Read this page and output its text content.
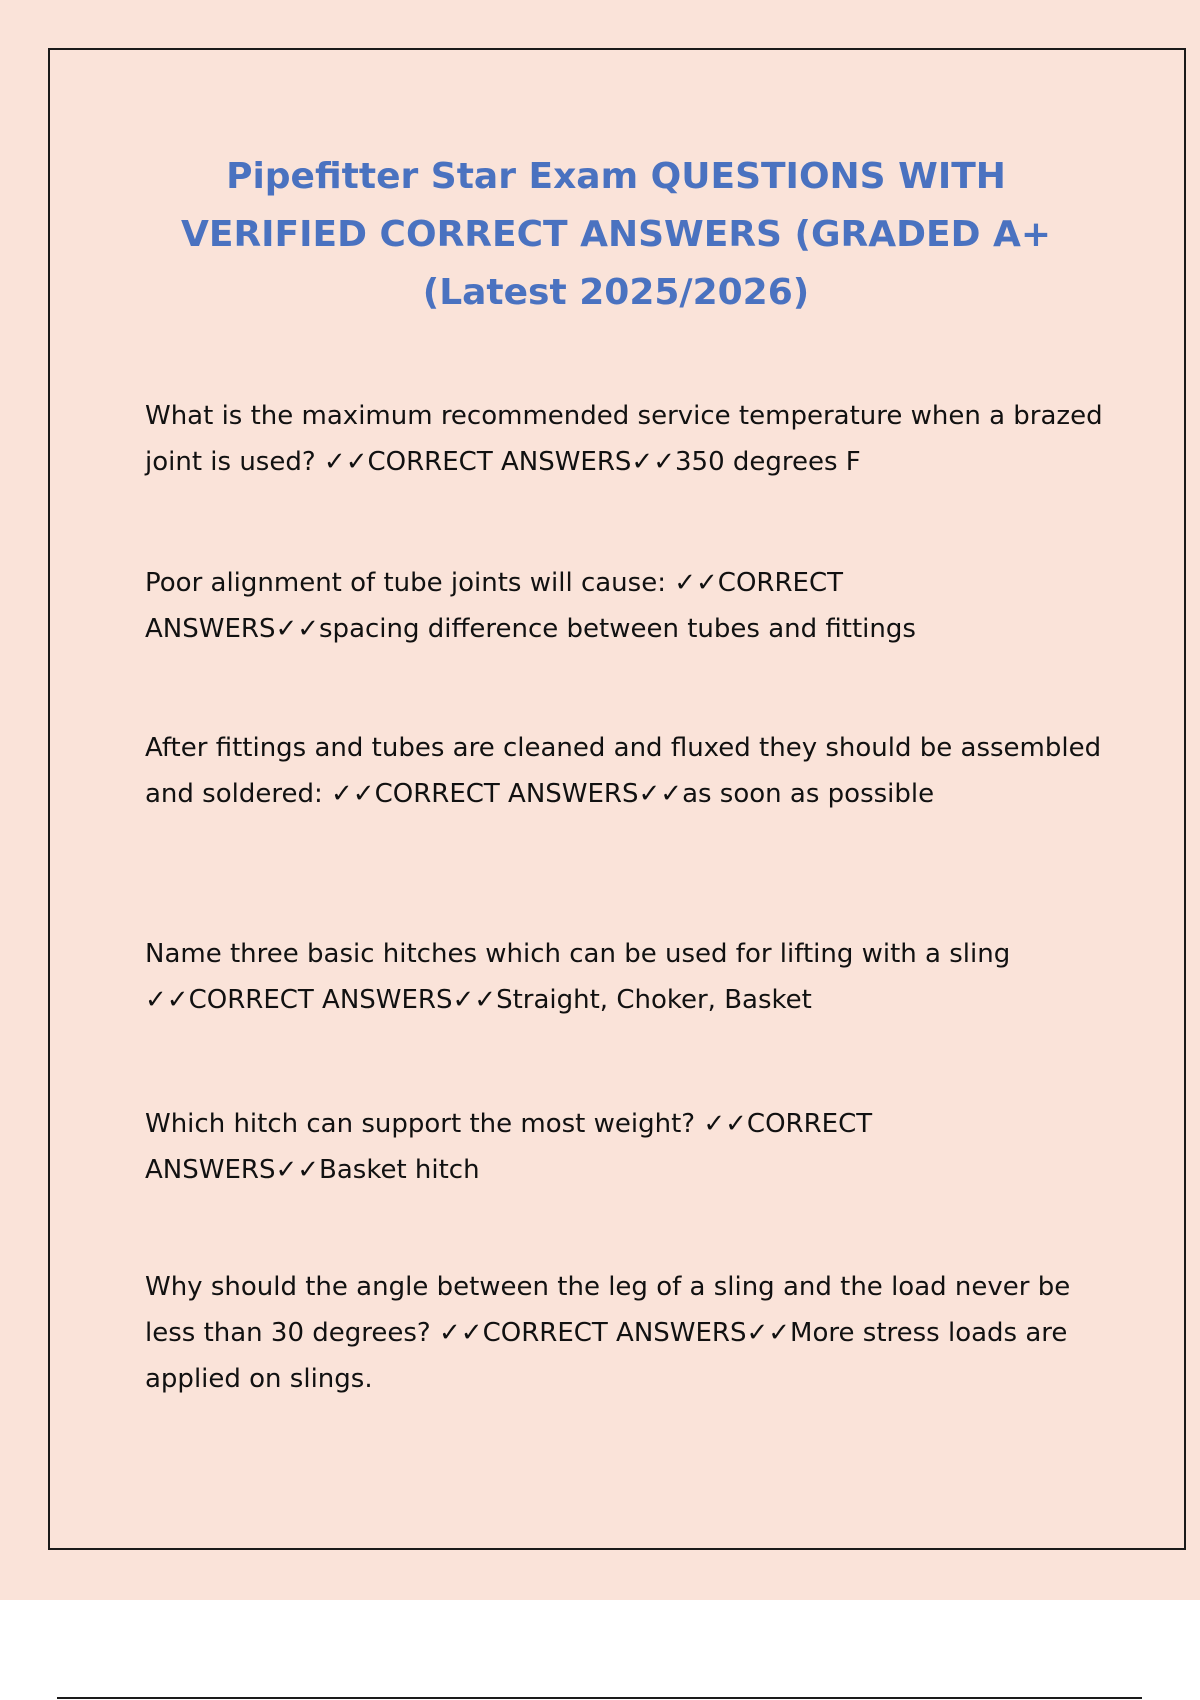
Pipefitter Star Exam QUESTIONS WITH VERIFIED CORRECT ANSWERS (GRADED A+ (Latest 2025/2026)

What is the maximum recommended service temperature when a brazed joint is used? ✓✓CORRECT ANSWERS✓✓350 degrees F

Poor alignment of tube joints will cause: ✓✓CORRECT ANSWERS✓✓spacing difference between tubes and fittings

After fittings and tubes are cleaned and fluxed they should be assembled and soldered: ✓✓CORRECT ANSWERS✓✓as soon as possible

Name three basic hitches which can be used for lifting with a sling ✓✓CORRECT ANSWERS✓✓Straight, Choker, Basket

Which hitch can support the most weight? ✓✓CORRECT ANSWERS✓✓Basket hitch

Why should the angle between the leg of a sling and the load never be less than 30 degrees? ✓✓CORRECT ANSWERS✓✓More stress loads are applied on slings.
